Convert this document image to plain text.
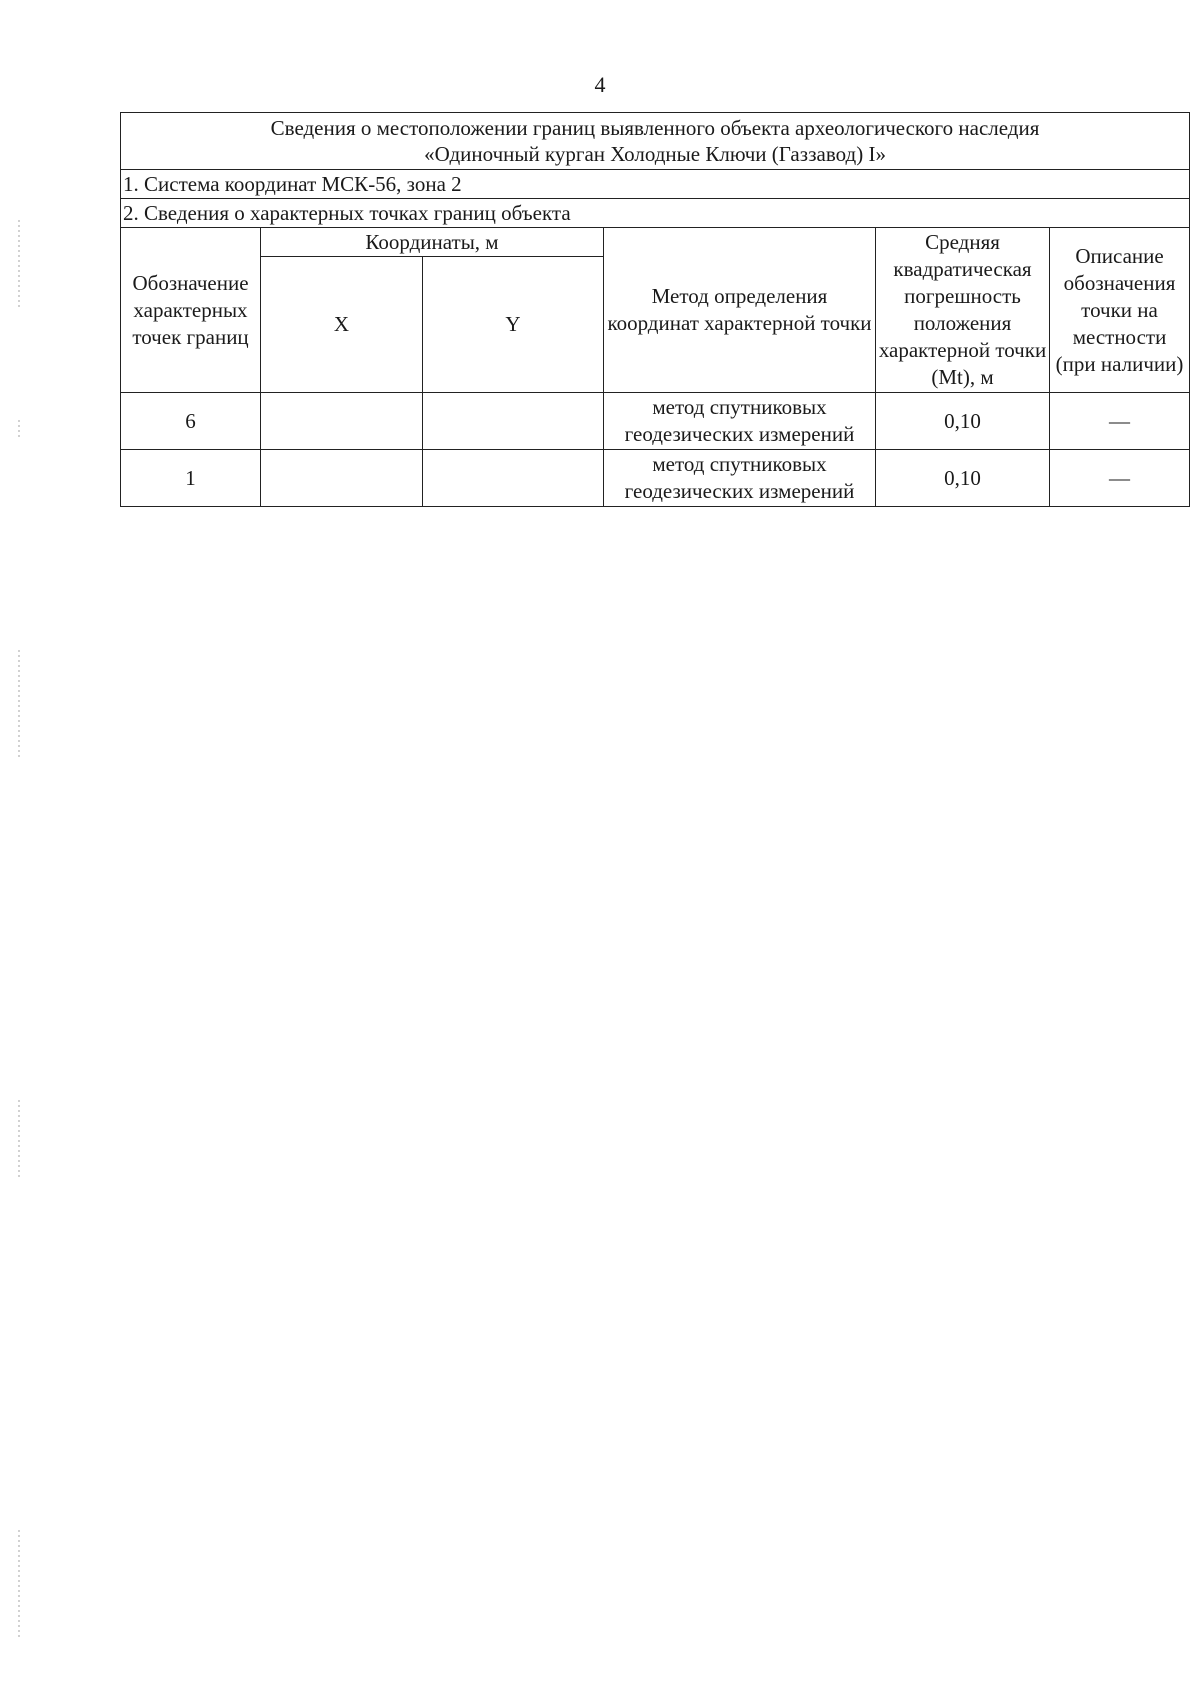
4
Сведения о местоположении границ выявленного объекта археологического наследия
«Одиночный курган Холодные Ключи (Газзавод) I»					

1. Система координат МСК-56, зона 2					
2. Сведения о характерных точках границ объекта					
Обозначение характерных точек границ	Координаты, м		Метод определения координат характерной точки	Средняя квадратическая погрешность положения характерной точки (Mt), м	Описание обозначения точки на местности (при наличии)
	X	Y			
6			метод спутниковых геодезических измерений	0,10	—
1			метод спутниковых геодезических измерений	0,10	—
